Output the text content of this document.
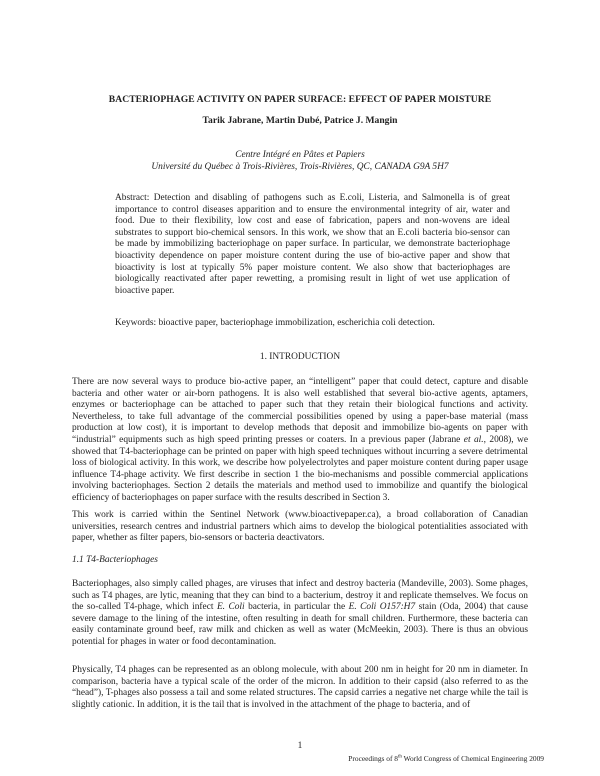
BACTERIOPHAGE ACTIVITY ON PAPER SURFACE: EFFECT OF PAPER MOISTURE
Tarik Jabrane, Martin Dubé, Patrice J. Mangin
Centre Intégré en Pâtes et Papiers
Université du Québec à Trois-Rivières, Trois-Rivières, QC, CANADA G9A 5H7
Abstract: Detection and disabling of pathogens such as E.coli, Listeria, and Salmonella is of great importance to control diseases apparition and to ensure the environmental integrity of air, water and food. Due to their flexibility, low cost and ease of fabrication, papers and non-wovens are ideal substrates to support bio-chemical sensors. In this work, we show that an E.coli bacteria bio-sensor can be made by immobilizing bacteriophage on paper surface. In particular, we demonstrate bacteriophage bioactivity dependence on paper moisture content during the use of bio-active paper and show that bioactivity is lost at typically 5% paper moisture content. We also show that bacteriophages are biologically reactivated after paper rewetting, a promising result in light of wet use application of bioactive paper.
Keywords: bioactive paper, bacteriophage immobilization, escherichia coli detection.
1. INTRODUCTION

There are now several ways to produce bio-active paper, an “intelligent” paper that could detect, capture and disable bacteria and other water or air-born pathogens. It is also well established that several bio-active agents, aptamers, enzymes or bacteriophage can be attached to paper such that they retain their biological functions and activity. Nevertheless, to take full advantage of the commercial possibilities opened by using a paper-base material (mass production at low cost), it is important to develop methods that deposit and immobilize bio-agents on paper with “industrial” equipments such as high speed printing presses or coaters. In a previous paper (Jabrane et al., 2008), we showed that T4-bacteriophage can be printed on paper with high speed techniques without incurring a severe detrimental loss of biological activity. In this work, we describe how polyelectrolytes and paper moisture content during paper usage influence T4-phage activity. We first describe in section 1 the bio-mechanisms and possible commercial applications involving bacteriophages. Section 2 details the materials and method used to immobilize and quantify the biological efficiency of bacteriophages on paper surface with the results described in Section 3.

This work is carried within the Sentinel Network (www.bioactivepaper.ca), a broad collaboration of Canadian universities, research centres and industrial partners which aims to develop the biological potentialities associated with paper, whether as filter papers, bio-sensors or bacteria deactivators.

1.1 T4-Bacteriophages

Bacteriophages, also simply called phages, are viruses that infect and destroy bacteria (Mandeville, 2003). Some phages, such as T4 phages, are lytic, meaning that they can bind to a bacterium, destroy it and replicate themselves. We focus on the so-called T4-phage, which infect E. Coli bacteria, in particular the E. Coli O157:H7 stain (Oda, 2004) that cause severe damage to the lining of the intestine, often resulting in death for small children. Furthermore, these bacteria can easily contaminate ground beef, raw milk and chicken as well as water (McMeekin, 2003). There is thus an obvious potential for phages in water or food decontamination.

Physically, T4 phages can be represented as an oblong molecule, with about 200 nm in height for 20 nm in diameter. In comparison, bacteria have a typical scale of the order of the micron. In addition to their capsid (also referred to as the “head”), T-phages also possess a tail and some related structures. The capsid carries a negative net charge while the tail is slightly cationic. In addition, it is the tail that is involved in the attachment of the phage to bacteria, and of

1
Proceedings of 8th World Congress of Chemical Engineering 2009
